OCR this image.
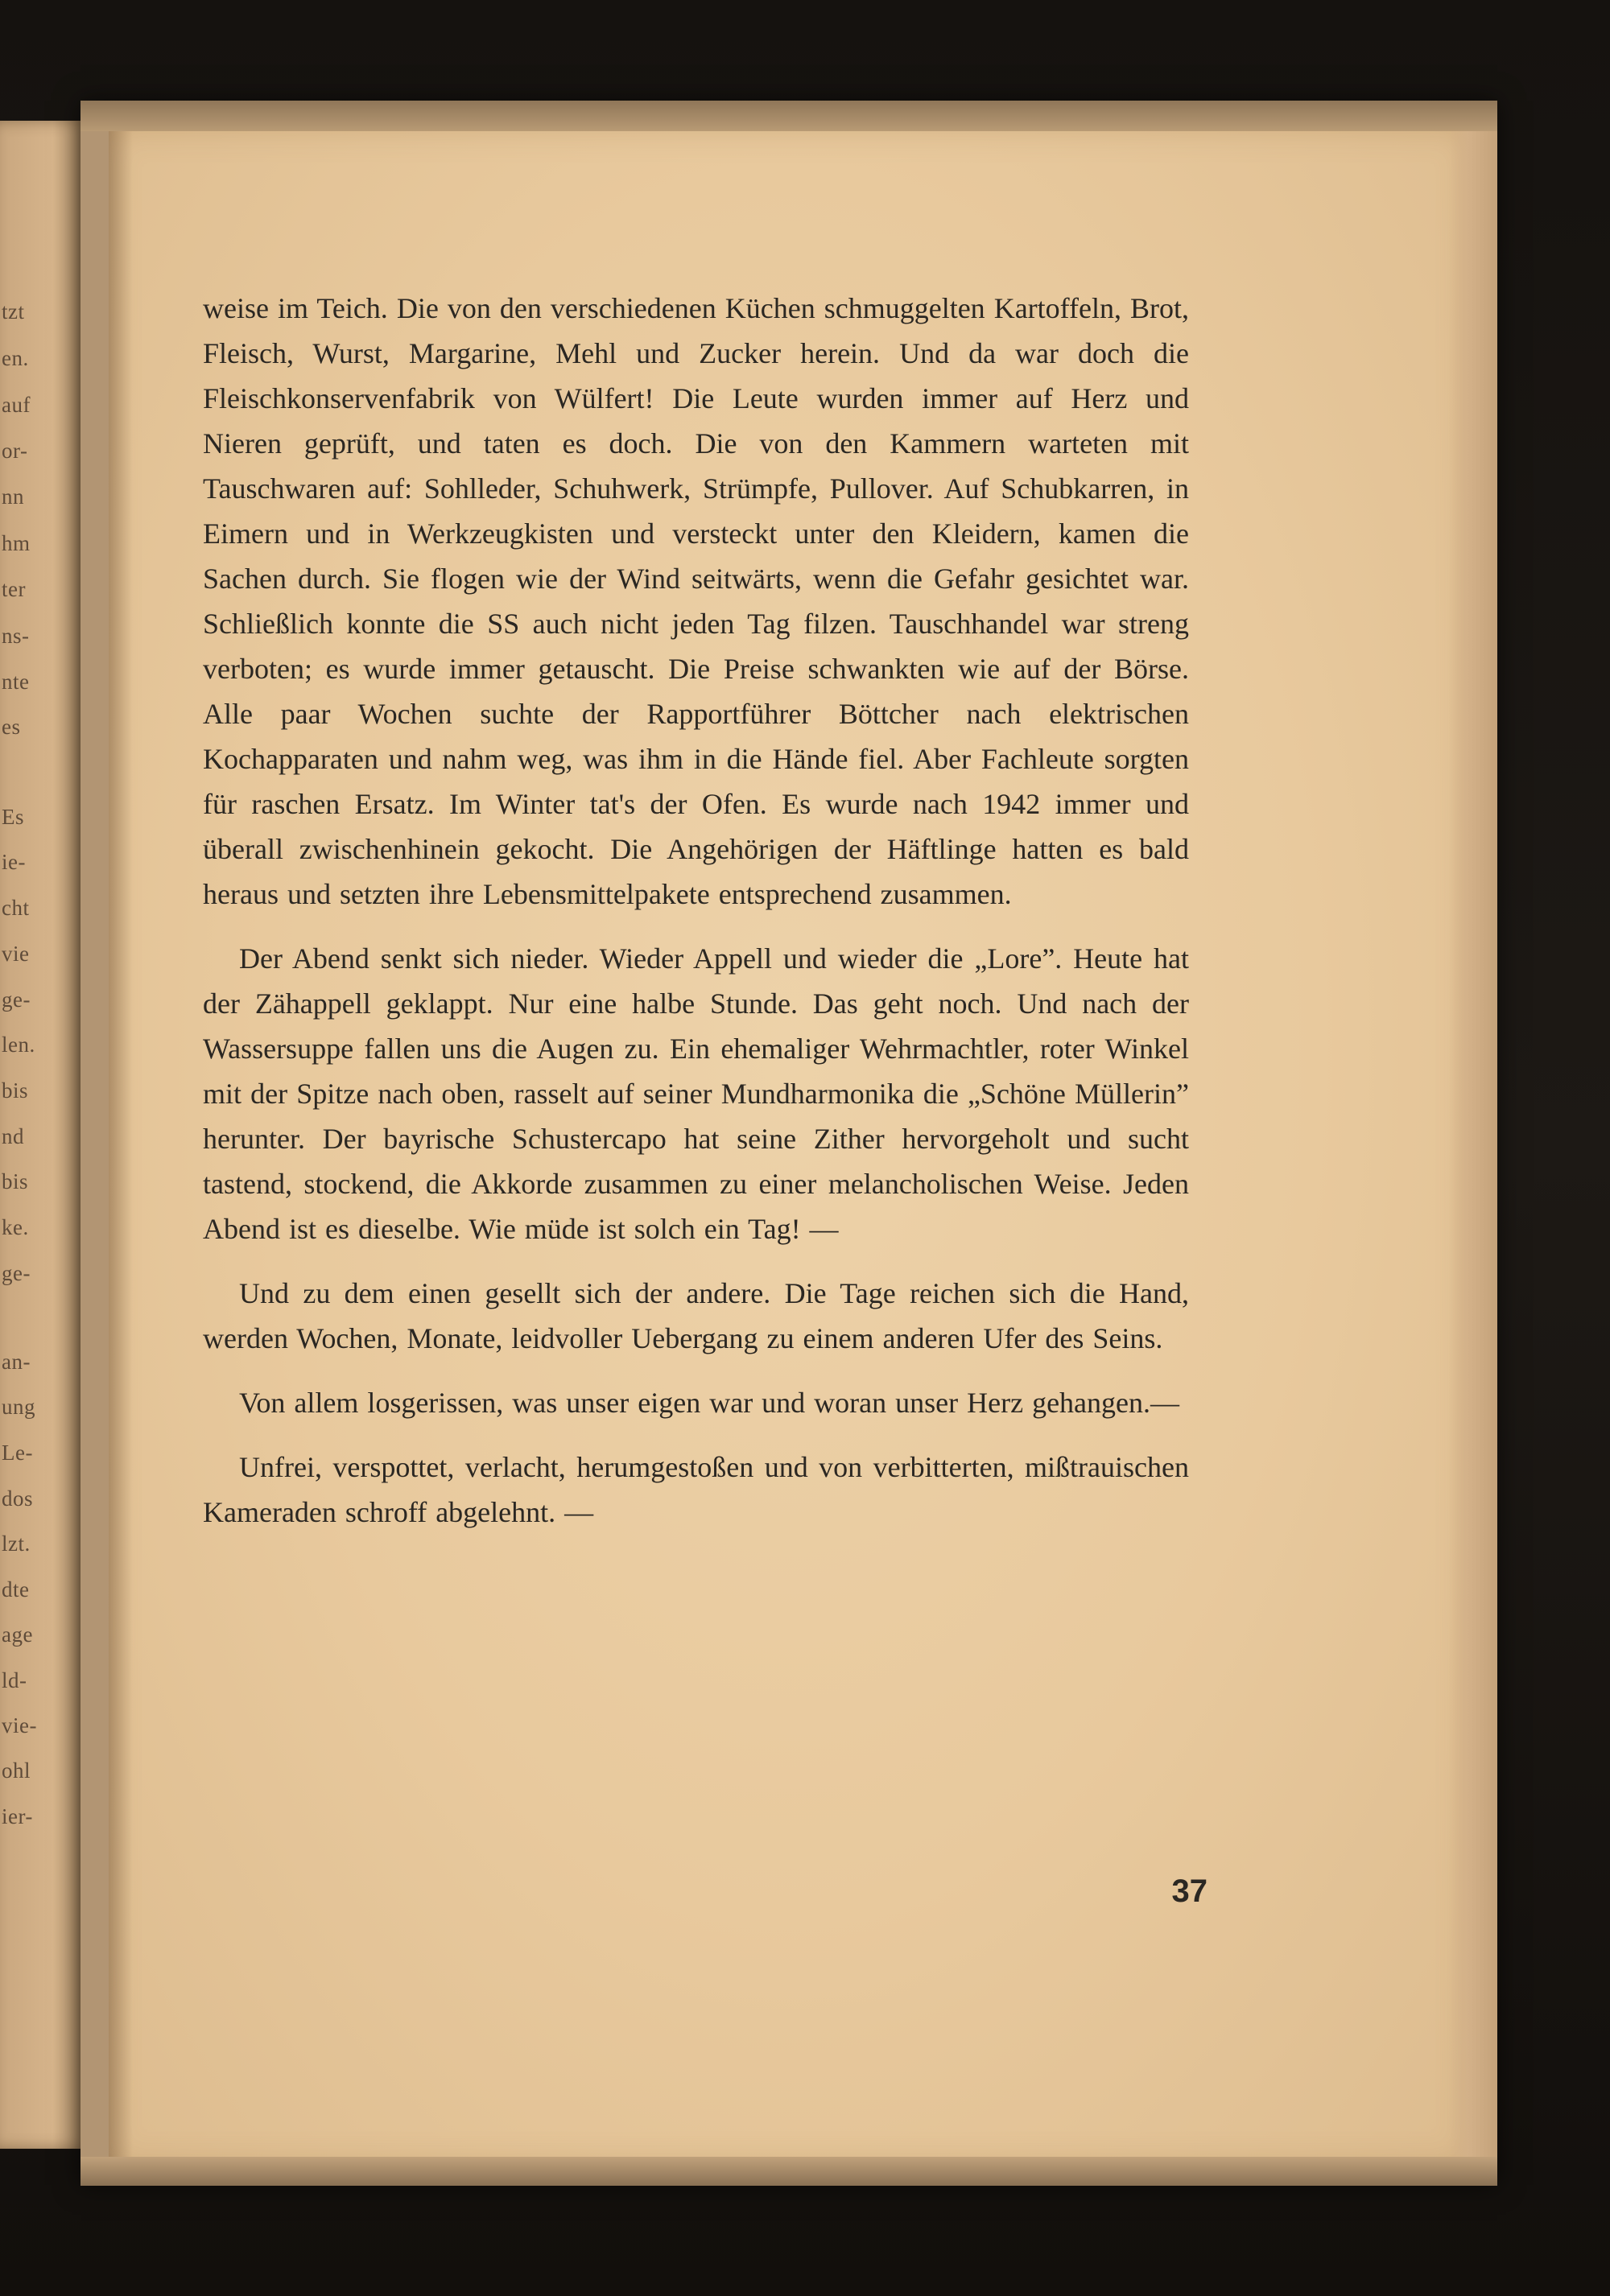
tzt
en.
auf
or-
nn
hm
ter
ns-
nte
es
Es
ie-
cht
vie
ge-
len.
bis
nd
bis
ke.
ge-
an-
ung
Le-
dos
lzt.
dte
age
ld-
vie-
ohl
ier-

weise im Teich. Die von den verschiedenen Küchen schmuggelten Kartoffeln, Brot, Fleisch, Wurst, Margarine, Mehl und Zucker herein. Und da war doch die Fleischkonservenfabrik von Wülfert! Die Leute wurden immer auf Herz und Nieren geprüft, und taten es doch. Die von den Kammern warteten mit Tauschwaren auf: Sohlleder, Schuhwerk, Strümpfe, Pullover. Auf Schubkarren, in Eimern und in Werkzeugkisten und versteckt unter den Kleidern, kamen die Sachen durch. Sie flogen wie der Wind seitwärts, wenn die Gefahr gesichtet war. Schließlich konnte die SS auch nicht jeden Tag filzen. Tauschhandel war streng verboten; es wurde immer getauscht. Die Preise schwankten wie auf der Börse. Alle paar Wochen suchte der Rapportführer Böttcher nach elektrischen Kochapparaten und nahm weg, was ihm in die Hände fiel. Aber Fachleute sorgten für raschen Ersatz. Im Winter tat's der Ofen. Es wurde nach 1942 immer und überall zwischenhinein gekocht. Die Angehörigen der Häftlinge hatten es bald heraus und setzten ihre Lebensmittelpakete entsprechend zusammen.

Der Abend senkt sich nieder. Wieder Appell und wieder die „Lore”. Heute hat der Zähappell geklappt. Nur eine halbe Stunde. Das geht noch. Und nach der Wassersuppe fallen uns die Augen zu. Ein ehemaliger Wehrmachtler, roter Winkel mit der Spitze nach oben, rasselt auf seiner Mundharmonika die „Schöne Müllerin” herunter. Der bayrische Schustercapo hat seine Zither hervorgeholt und sucht tastend, stockend, die Akkorde zusammen zu einer melancholischen Weise. Jeden Abend ist es dieselbe. Wie müde ist solch ein Tag! —

Und zu dem einen gesellt sich der andere. Die Tage reichen sich die Hand, werden Wochen, Monate, leidvoller Uebergang zu einem anderen Ufer des Seins.

Von allem losgerissen, was unser eigen war und woran unser Herz gehangen.—

Unfrei, verspottet, verlacht, herumgestoßen und von verbitterten, mißtrauischen Kameraden schroff abgelehnt. —

37
